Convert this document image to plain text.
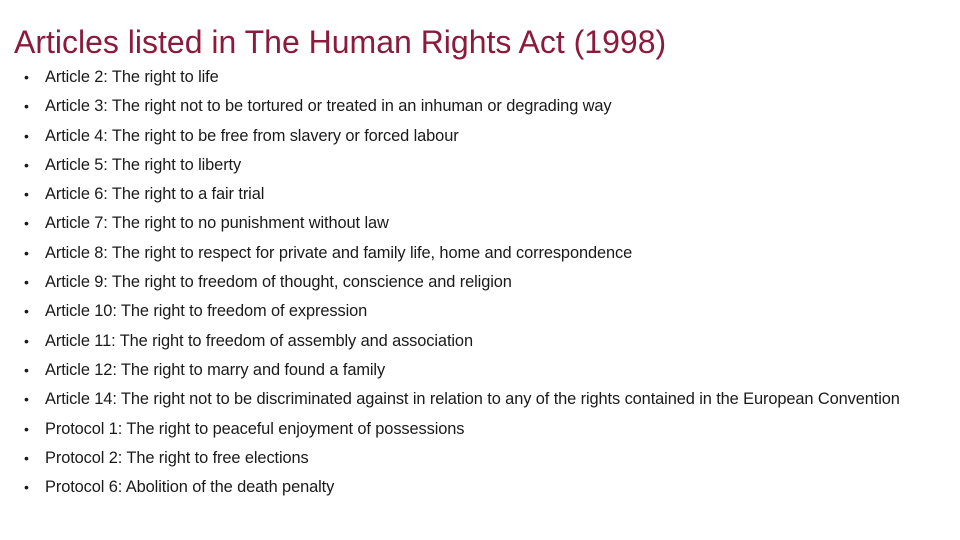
Articles listed in The Human Rights Act (1998)
• Article 2: The right to life
• Article 3: The right not to be tortured or treated in an inhuman or degrading way
• Article 4: The right to be free from slavery or forced labour
• Article 5: The right to liberty
• Article 6: The right to a fair trial
• Article 7: The right to no punishment without law
• Article 8: The right to respect for private and family life, home and correspondence
• Article 9: The right to freedom of thought, conscience and religion
• Article 10: The right to freedom of expression
• Article 11: The right to freedom of assembly and association
• Article 12: The right to marry and found a family
• Article 14: The right not to be discriminated against in relation to any of the rights contained in the European Convention
• Protocol 1: The right to peaceful enjoyment of possessions
• Protocol 2: The right to free elections
• Protocol 6: Abolition of the death penalty
